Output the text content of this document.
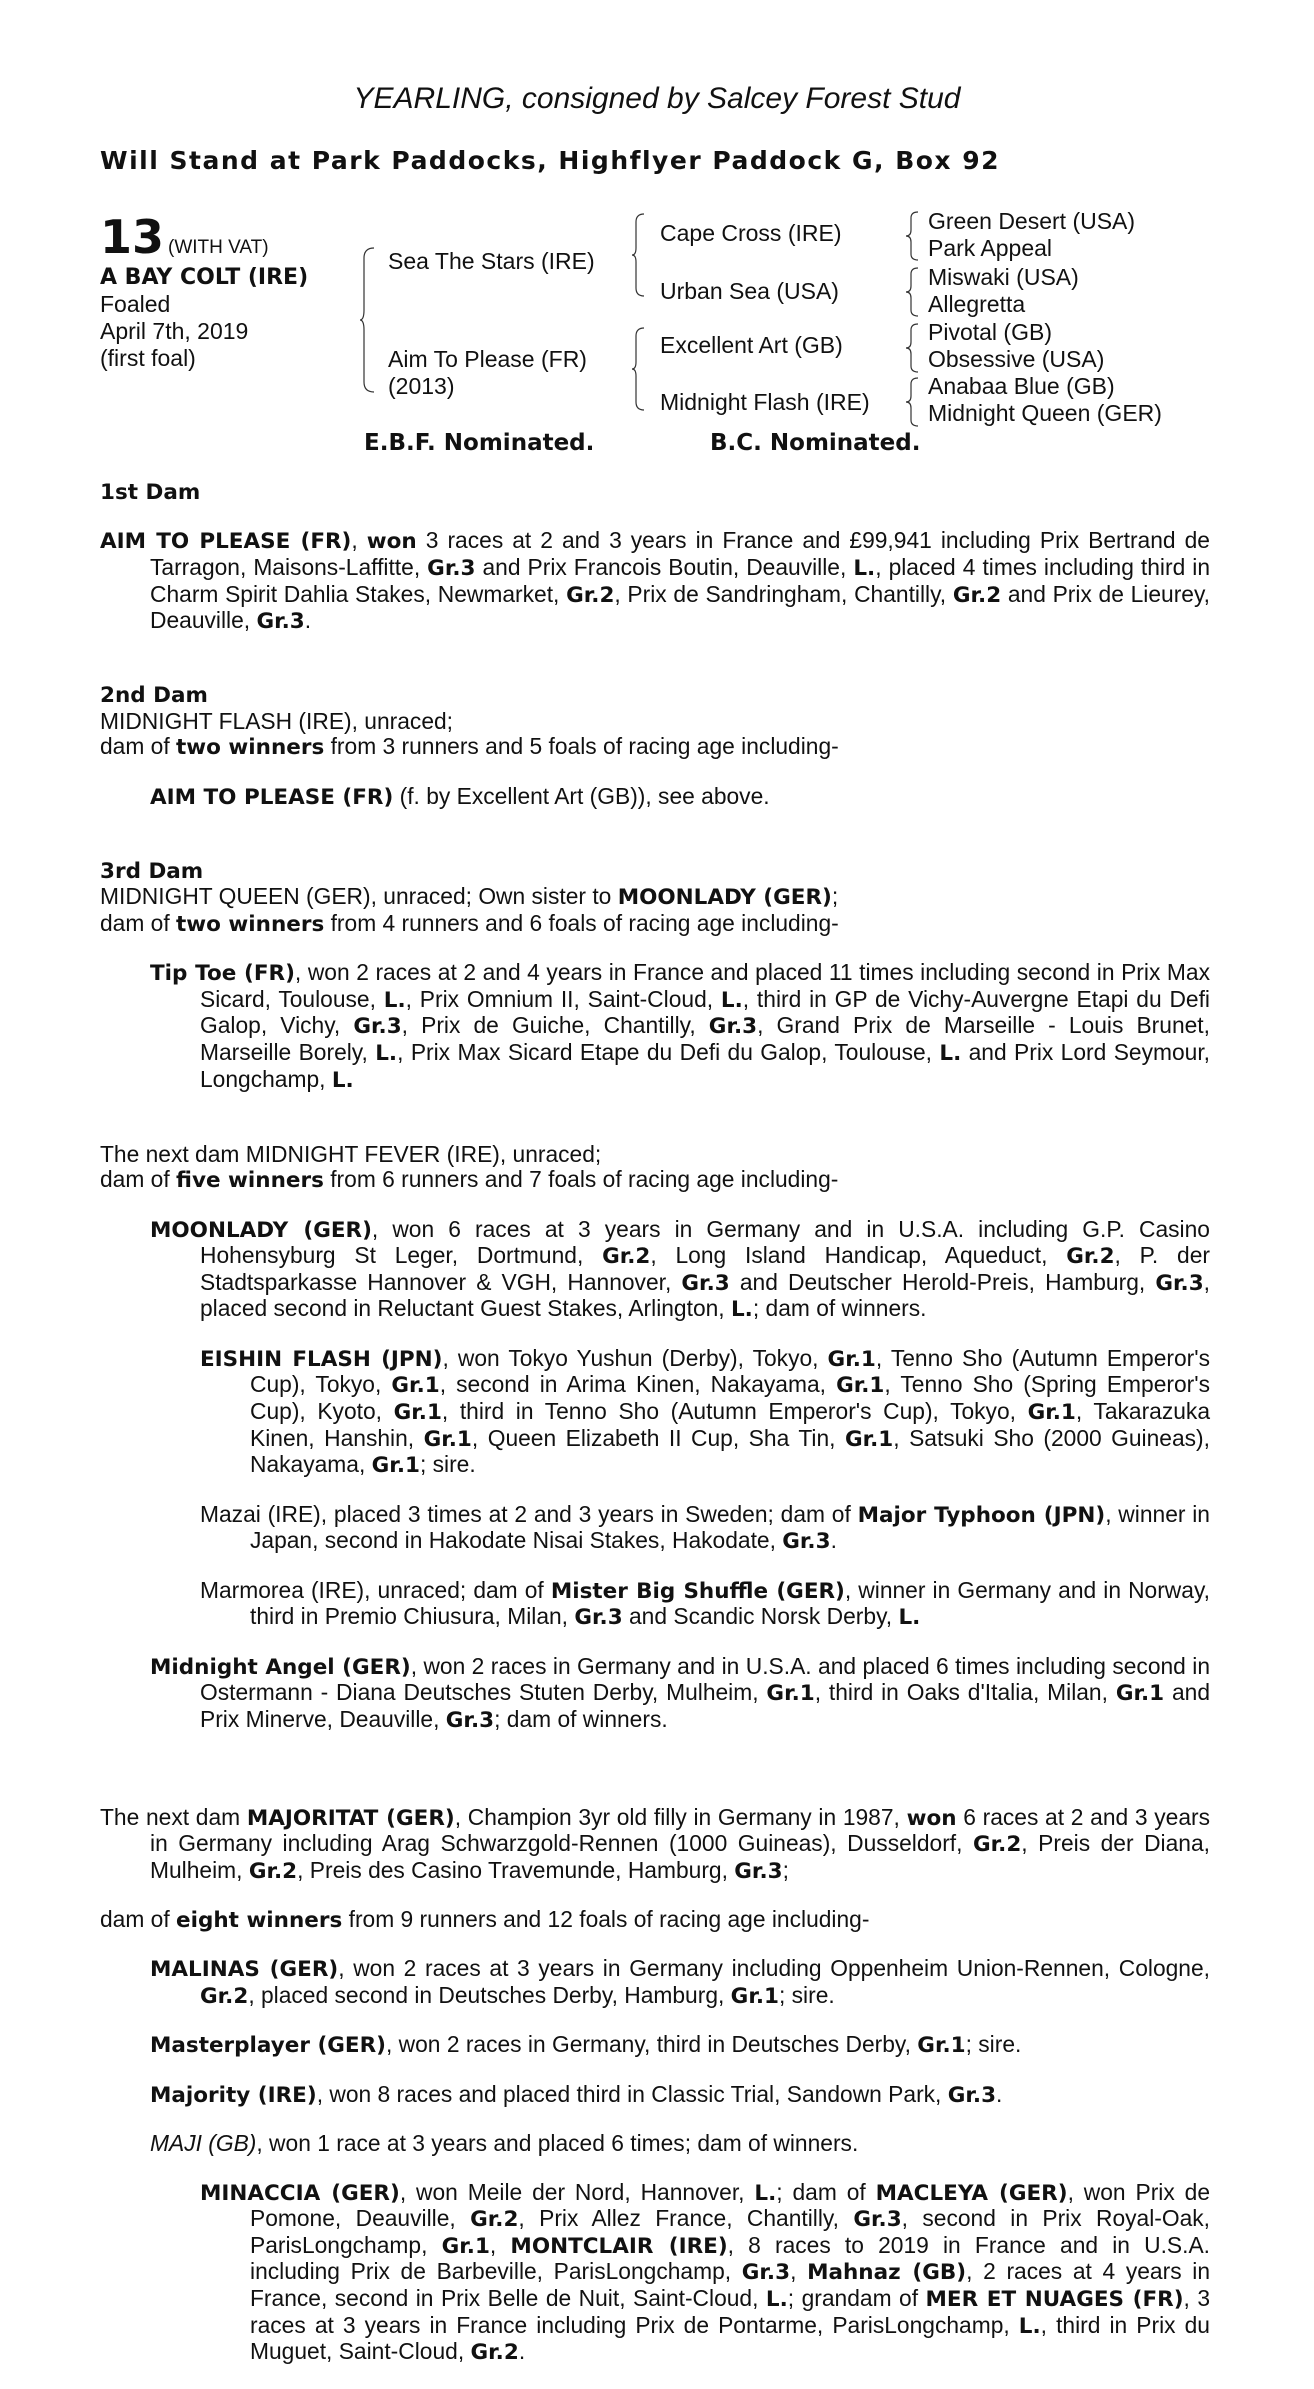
YEARLING, consigned by Salcey Forest Stud
Will Stand at Park Paddocks, Highflyer Paddock G, Box 92
13 (WITH VAT)
A BAY COLT (IRE)
Foaled
April 7th, 2019
(first foal)
Sea The Stars (IRE)
Aim To Please (FR)
(2013)
Cape Cross (IRE)
Urban Sea (USA)
Excellent Art (GB)
Midnight Flash (IRE)
Green Desert (USA)
Park Appeal
Miswaki (USA)
Allegretta
Pivotal (GB)
Obsessive (USA)
Anabaa Blue (GB)
Midnight Queen (GER)
E.B.F. Nominated.	B.C. Nominated.
1st Dam

AIM TO PLEASE (FR), won 3 races at 2 and 3 years in France and £99,941 including Prix Bertrand de Tarragon, Maisons-Laffitte, Gr.3 and Prix Francois Boutin, Deauville, L., placed 4 times including third in Charm Spirit Dahlia Stakes, Newmarket, Gr.2, Prix de Sandringham, Chantilly, Gr.2 and Prix de Lieurey, Deauville, Gr.3.

2nd Dam
MIDNIGHT FLASH (IRE), unraced;
dam of two winners from 3 runners and 5 foals of racing age including-

AIM TO PLEASE (FR) (f. by Excellent Art (GB)), see above.

3rd Dam
MIDNIGHT QUEEN (GER), unraced; Own sister to MOONLADY (GER);
dam of two winners from 4 runners and 6 foals of racing age including-

Tip Toe (FR), won 2 races at 2 and 4 years in France and placed 11 times including second in Prix Max Sicard, Toulouse, L., Prix Omnium II, Saint-Cloud, L., third in GP de Vichy-Auvergne Etapi du Defi Galop, Vichy, Gr.3, Prix de Guiche, Chantilly, Gr.3, Grand Prix de Marseille - Louis Brunet, Marseille Borely, L., Prix Max Sicard Etape du Defi du Galop, Toulouse, L. and Prix Lord Seymour, Longchamp, L.

The next dam MIDNIGHT FEVER (IRE), unraced;
dam of five winners from 6 runners and 7 foals of racing age including-

MOONLADY (GER), won 6 races at 3 years in Germany and in U.S.A. including G.P. Casino Hohensyburg St Leger, Dortmund, Gr.2, Long Island Handicap, Aqueduct, Gr.2, P. der Stadtsparkasse Hannover & VGH, Hannover, Gr.3 and Deutscher Herold-Preis, Hamburg, Gr.3, placed second in Reluctant Guest Stakes, Arlington, L.; dam of winners.

EISHIN FLASH (JPN), won Tokyo Yushun (Derby), Tokyo, Gr.1, Tenno Sho (Autumn Emperor's Cup), Tokyo, Gr.1, second in Arima Kinen, Nakayama, Gr.1, Tenno Sho (Spring Emperor's Cup), Kyoto, Gr.1, third in Tenno Sho (Autumn Emperor's Cup), Tokyo, Gr.1, Takarazuka Kinen, Hanshin, Gr.1, Queen Elizabeth II Cup, Sha Tin, Gr.1, Satsuki Sho (2000 Guineas), Nakayama, Gr.1; sire.

Mazai (IRE), placed 3 times at 2 and 3 years in Sweden; dam of Major Typhoon (JPN), winner in Japan, second in Hakodate Nisai Stakes, Hakodate, Gr.3.

Marmorea (IRE), unraced; dam of Mister Big Shuffle (GER), winner in Germany and in Norway, third in Premio Chiusura, Milan, Gr.3 and Scandic Norsk Derby, L.

Midnight Angel (GER), won 2 races in Germany and in U.S.A. and placed 6 times including second in Ostermann - Diana Deutsches Stuten Derby, Mulheim, Gr.1, third in Oaks d'Italia, Milan, Gr.1 and Prix Minerve, Deauville, Gr.3; dam of winners.

The next dam MAJORITAT (GER), Champion 3yr old filly in Germany in 1987, won 6 races at 2 and 3 years in Germany including Arag Schwarzgold-Rennen (1000 Guineas), Dusseldorf, Gr.2, Preis der Diana, Mulheim, Gr.2, Preis des Casino Travemunde, Hamburg, Gr.3;

dam of eight winners from 9 runners and 12 foals of racing age including-

MALINAS (GER), won 2 races at 3 years in Germany including Oppenheim Union-Rennen, Cologne, Gr.2, placed second in Deutsches Derby, Hamburg, Gr.1; sire.

Masterplayer (GER), won 2 races in Germany, third in Deutsches Derby, Gr.1; sire.

Majority (IRE), won 8 races and placed third in Classic Trial, Sandown Park, Gr.3.

MAJI (GB), won 1 race at 3 years and placed 6 times; dam of winners.

MINACCIA (GER), won Meile der Nord, Hannover, L.; dam of MACLEYA (GER), won Prix de Pomone, Deauville, Gr.2, Prix Allez France, Chantilly, Gr.3, second in Prix Royal-Oak, ParisLongchamp, Gr.1, MONTCLAIR (IRE), 8 races to 2019 in France and in U.S.A. including Prix de Barbeville, ParisLongchamp, Gr.3, Mahnaz (GB), 2 races at 4 years in France, second in Prix Belle de Nuit, Saint-Cloud, L.; grandam of MER ET NUAGES (FR), 3 races at 3 years in France including Prix de Pontarme, ParisLongchamp, L., third in Prix du Muguet, Saint-Cloud, Gr.2.
